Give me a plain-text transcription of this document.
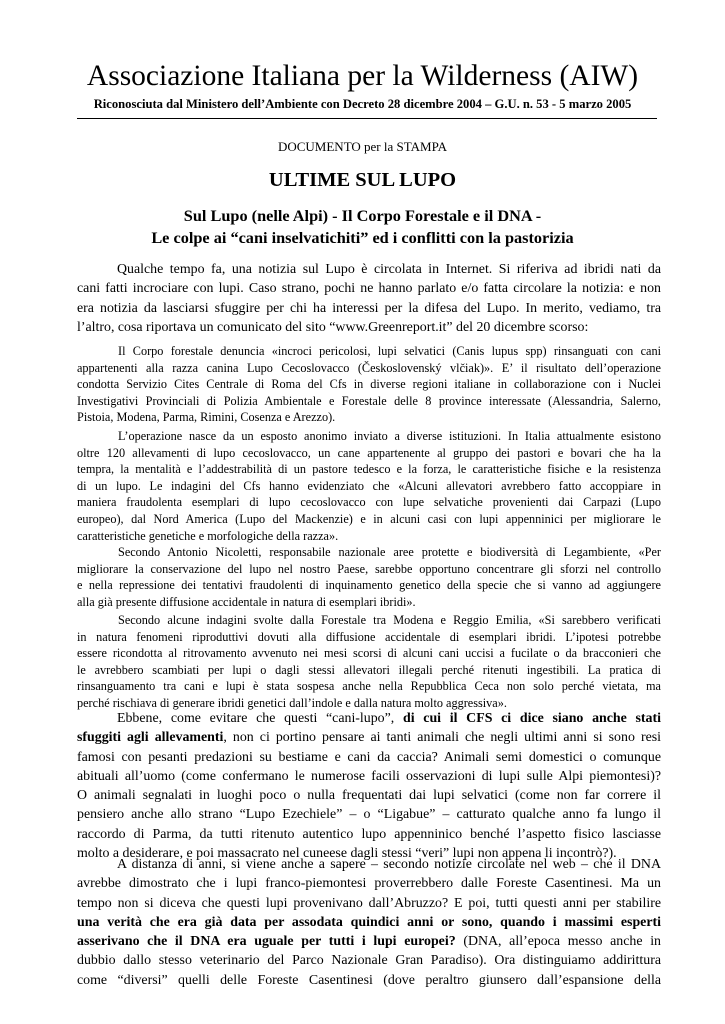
Associazione Italiana per la Wilderness (AIW)
Riconosciuta dal Ministero dell’Ambiente con Decreto 28 dicembre 2004 – G.U. n. 53 - 5 marzo 2005
DOCUMENTO per la STAMPA
ULTIME SUL LUPO
Sul Lupo (nelle Alpi) - Il Corpo Forestale e il DNA -
Le colpe ai “cani inselvatichiti” ed i conflitti con la pastorizia
Qualche tempo fa, una notizia sul Lupo è circolata in Internet. Si riferiva ad ibridi nati da
cani fatti incrociare con lupi. Caso strano, pochi ne hanno parlato e/o fatta circolare la notizia: e non
era notizia da lasciarsi sfuggire per chi ha interessi per la difesa del Lupo. In merito, vediamo, tra
l’altro, cosa riportava un comunicato del sito “www.Greenreport.it” del 20 dicembre scorso:
Il Corpo forestale denuncia «incroci pericolosi, lupi selvatici (Canis lupus spp) rinsanguati con cani
appartenenti alla razza canina Lupo Cecoslovacco (Československý vlčiak)». E’ il risultato dell’operazione
condotta Servizio Cites Centrale di Roma del Cfs in diverse regioni italiane in collaborazione con i Nuclei
Investigativi Provinciali di Polizia Ambientale e Forestale delle 8 province interessate (Alessandria, Salerno,
Pistoia, Modena, Parma, Rimini, Cosenza e Arezzo).
L’operazione nasce da un esposto anonimo inviato a diverse istituzioni. In Italia attualmente esistono
oltre 120 allevamenti di lupo cecoslovacco, un cane appartenente al gruppo dei pastori e bovari che ha la
tempra, la mentalità e l’addestrabilità di un pastore tedesco e la forza, le caratteristiche fisiche e la resistenza
di un lupo. Le indagini del Cfs hanno evidenziato che «Alcuni allevatori avrebbero fatto accoppiare in
maniera fraudolenta esemplari di lupo cecoslovacco con lupe selvatiche provenienti dai Carpazi (Lupo
europeo), dal Nord America (Lupo del Mackenzie) e in alcuni casi con lupi appenninici per migliorare le
caratteristiche genetiche e morfologiche della razza».
Secondo Antonio Nicoletti, responsabile nazionale aree protette e biodiversità di Legambiente, «Per
migliorare la conservazione del lupo nel nostro Paese, sarebbe opportuno concentrare gli sforzi nel controllo
e nella repressione dei tentativi fraudolenti di inquinamento genetico della specie che si vanno ad aggiungere
alla già presente diffusione accidentale in natura di esemplari ibridi».
Secondo alcune indagini svolte dalla Forestale tra Modena e Reggio Emilia, «Si sarebbero verificati
in natura fenomeni riproduttivi dovuti alla diffusione accidentale di esemplari ibridi. L’ipotesi potrebbe
essere ricondotta al ritrovamento avvenuto nei mesi scorsi di alcuni cani uccisi a fucilate o da bracconieri che
le avrebbero scambiati per lupi o dagli stessi allevatori illegali perché ritenuti ingestibili. La pratica di
rinsanguamento tra cani e lupi è stata sospesa anche nella Repubblica Ceca non solo perché vietata, ma
perché rischiava di generare ibridi genetici dall’indole e dalla natura molto aggressiva».
Ebbene, come evitare che questi “cani-lupo”, di cui il CFS ci dice siano anche stati
sfuggiti agli allevamenti, non ci portino pensare ai tanti animali che negli ultimi anni si sono resi
famosi con pesanti predazioni su bestiame e cani da caccia? Animali semi domestici o comunque
abituali all’uomo (come confermano le numerose facili osservazioni di lupi sulle Alpi piemontesi)?
O animali segnalati in luoghi poco o nulla frequentati dai lupi selvatici (come non far correre il
pensiero anche allo strano “Lupo Ezechiele” – o “Ligabue” – catturato qualche anno fa lungo il
raccordo di Parma, da tutti ritenuto autentico lupo appenninico benché l’aspetto fisico lasciasse
molto a desiderare, e poi massacrato nel cuneese dagli stessi “veri” lupi non appena li incontrò?).
A distanza di anni, si viene anche a sapere – secondo notizie circolate nel web – che il DNA
avrebbe dimostrato che i lupi franco-piemontesi proverrebbero dalle Foreste Casentinesi. Ma un
tempo non si diceva che questi lupi provenivano dall’Abruzzo? E poi, tutti questi anni per stabilire
una verità che era già data per assodata quindici anni or sono, quando i massimi esperti
asserivano che il DNA era uguale per tutti i lupi europei? (DNA, all’epoca messo anche in
dubbio dallo stesso veterinario del Parco Nazionale Gran Paradiso). Ora distinguiamo addirittura
come “diversi” quelli delle Foreste Casentinesi (dove peraltro giunsero dall’espansione della
